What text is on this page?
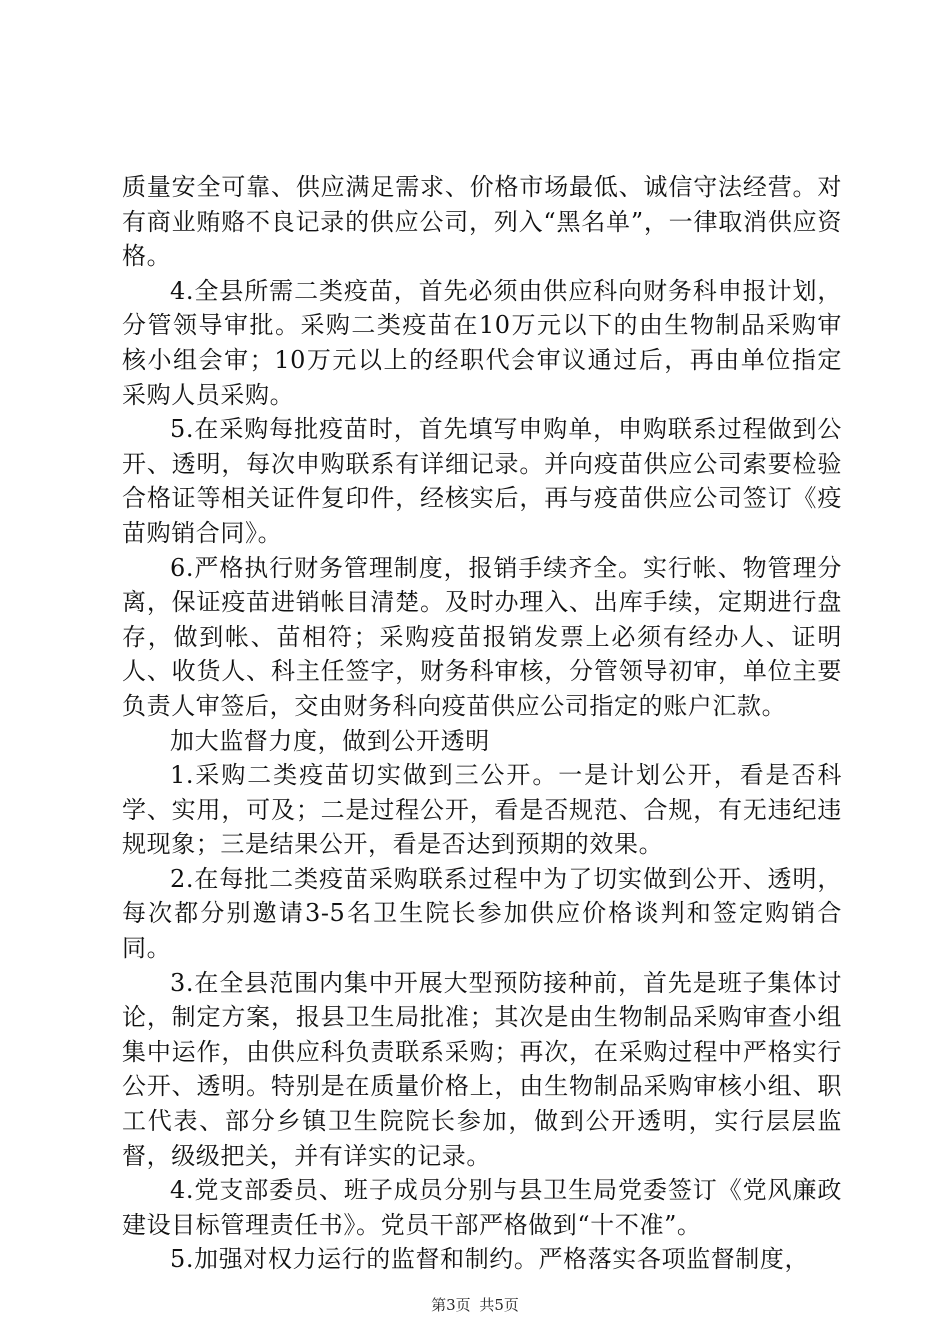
质量安全可靠、供应满足需求、价格市场最低、诚信守法经营。对有商业贿赂不良记录的供应公司，列入“黑名单”，一律取消供应资格。

4.全县所需二类疫苗，首先必须由供应科向财务科申报计划，分管领导审批。采购二类疫苗在10万元以下的由生物制品采购审核小组会审；10万元以上的经职代会审议通过后，再由单位指定采购人员采购。

5.在采购每批疫苗时，首先填写申购单，申购联系过程做到公开、透明，每次申购联系有详细记录。并向疫苗供应公司索要检验合格证等相关证件复印件，经核实后，再与疫苗供应公司签订《疫苗购销合同》。

6.严格执行财务管理制度，报销手续齐全。实行帐、物管理分离，保证疫苗进销帐目清楚。及时办理入、出库手续，定期进行盘存，做到帐、苗相符；采购疫苗报销发票上必须有经办人、证明人、收货人、科主任签字，财务科审核，分管领导初审，单位主要负责人审签后，交由财务科向疫苗供应公司指定的账户汇款。

加大监督力度，做到公开透明

1.采购二类疫苗切实做到三公开。一是计划公开，看是否科学、实用，可及；二是过程公开，看是否规范、合规，有无违纪违规现象；三是结果公开，看是否达到预期的效果。

2.在每批二类疫苗采购联系过程中为了切实做到公开、透明，每次都分别邀请3-5名卫生院长参加供应价格谈判和签定购销合同。

3.在全县范围内集中开展大型预防接种前，首先是班子集体讨论，制定方案，报县卫生局批准；其次是由生物制品采购审查小组集中运作，由供应科负责联系采购；再次，在采购过程中严格实行公开、透明。特别是在质量价格上，由生物制品采购审核小组、职工代表、部分乡镇卫生院院长参加，做到公开透明，实行层层监督，级级把关，并有详实的记录。

4.党支部委员、班子成员分别与县卫生局党委签订《党风廉政建设目标管理责任书》。党员干部严格做到“十不准”。

5.加强对权力运行的监督和制约。严格落实各项监督制度，

第3页 共5页
